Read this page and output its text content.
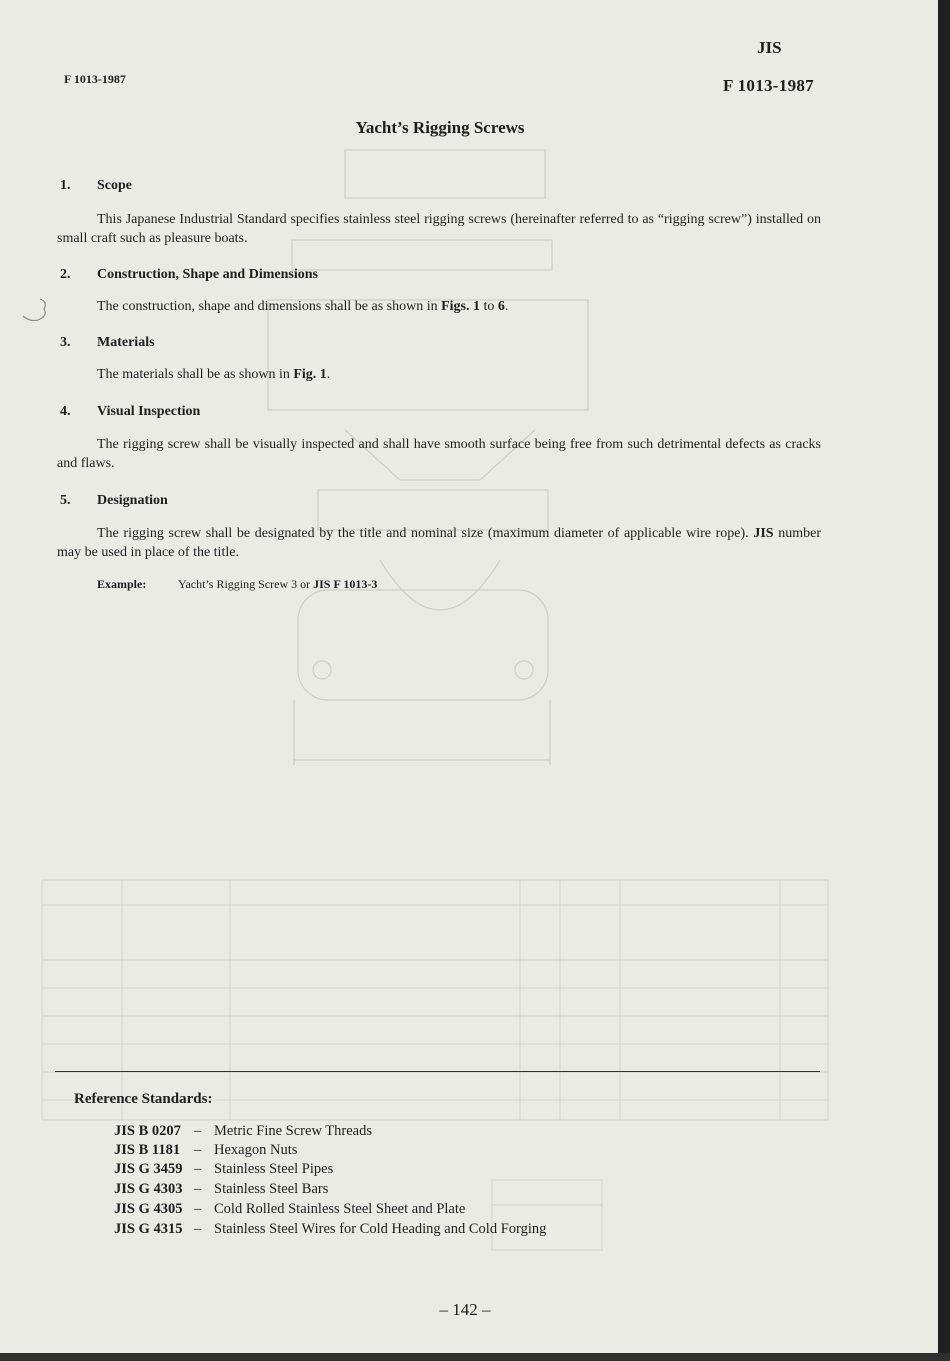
F 1013-1987
JIS
F 1013-1987
Yacht’s Rigging Screws
1. Scope
This Japanese Industrial Standard specifies stainless steel rigging screws (hereinafter referred to as “rigging screw”) installed on small craft such as pleasure boats.
2. Construction, Shape and Dimensions
The construction, shape and dimensions shall be as shown in Figs. 1 to 6.
3. Materials
The materials shall be as shown in Fig. 1.
4. Visual Inspection
The rigging screw shall be visually inspected and shall have smooth surface being free from such detrimental defects as cracks and flaws.
5. Designation
The rigging screw shall be designated by the title and nominal size (maximum diameter of applicable wire rope). JIS number may be used in place of the title.
Example:	Yacht’s Rigging Screw 3 or JIS F 1013-3
Reference Standards:
JIS B 0207 – Metric Fine Screw Threads
JIS B 1181 – Hexagon Nuts
JIS G 3459 – Stainless Steel Pipes
JIS G 4303 – Stainless Steel Bars
JIS G 4305 – Cold Rolled Stainless Steel Sheet and Plate
JIS G 4315 – Stainless Steel Wires for Cold Heading and Cold Forging
– 142 –
